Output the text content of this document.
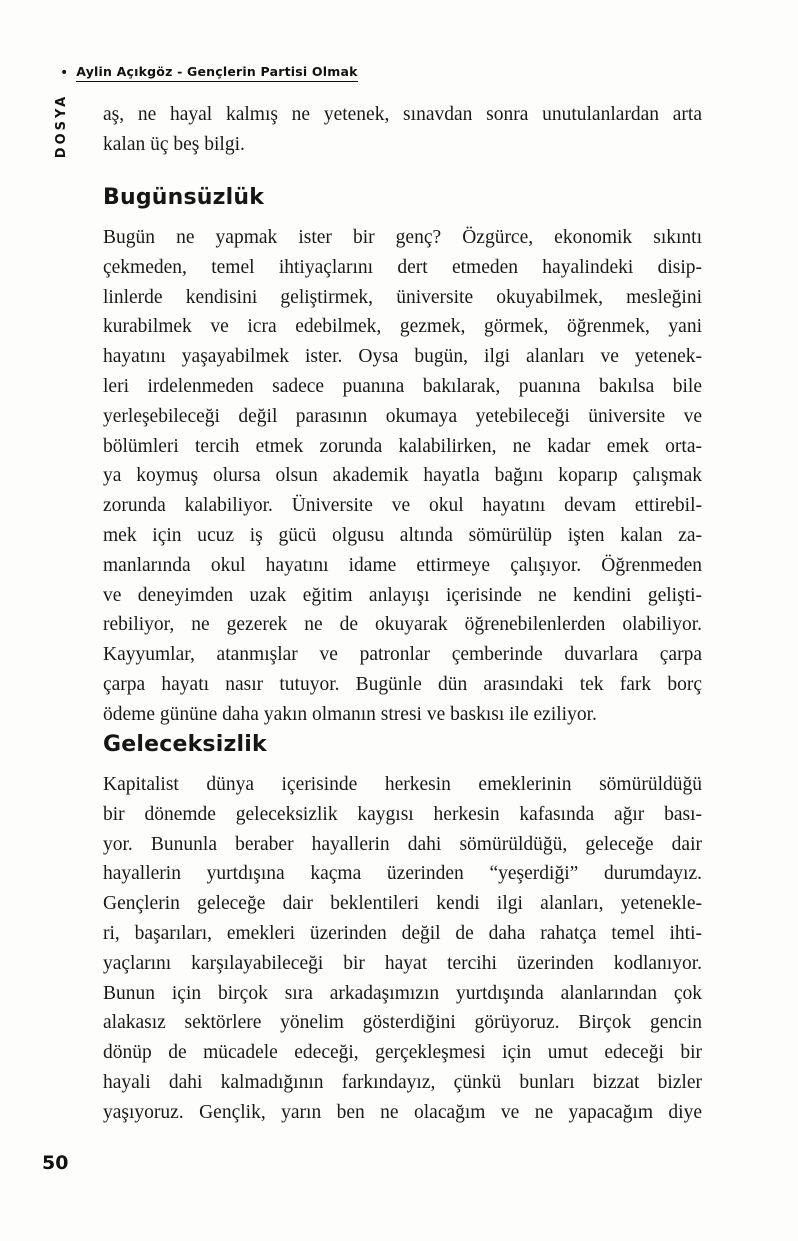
• Aylin Açıkgöz - Gençlerin Partisi Olmak
DOSYA aş, ne hayal kalmış ne yetenek, sınavdan sonra unutulanlardan arta
kalan üç beş bilgi.
Bugünsüzlük
Bugün ne yapmak ister bir genç? Özgürce, ekonomik sıkıntı
çekmeden, temel ihtiyaçlarını dert etmeden hayalindeki disip-
linlerde kendisini geliştirmek, üniversite okuyabilmek, mesleğini
kurabilmek ve icra edebilmek, gezmek, görmek, öğrenmek, yani
hayatını yaşayabilmek ister. Oysa bugün, ilgi alanları ve yetenek-
leri irdelenmeden sadece puanına bakılarak, puanına bakılsa bile
yerleşebileceği değil parasının okumaya yetebileceği üniversite ve
bölümleri tercih etmek zorunda kalabilirken, ne kadar emek orta-
ya koymuş olursa olsun akademik hayatla bağını koparıp çalışmak
zorunda kalabiliyor. Üniversite ve okul hayatını devam ettirebil-
mek için ucuz iş gücü olgusu altında sömürülüp işten kalan za-
manlarında okul hayatını idame ettirmeye çalışıyor. Öğrenmeden
ve deneyimden uzak eğitim anlayışı içerisinde ne kendini gelişti-
rebiliyor, ne gezerek ne de okuyarak öğrenebilenlerden olabiliyor.
Kayyumlar, atanmışlar ve patronlar çemberinde duvarlara çarpa
çarpa hayatı nasır tutuyor. Bugünle dün arasındaki tek fark borç
ödeme gününe daha yakın olmanın stresi ve baskısı ile eziliyor.
Geleceksizlik
Kapitalist dünya içerisinde herkesin emeklerinin sömürüldüğü
bir dönemde geleceksizlik kaygısı herkesin kafasında ağır bası-
yor. Bununla beraber hayallerin dahi sömürüldüğü, geleceğe dair
hayallerin yurtdışına kaçma üzerinden “yeşerdiği” durumdayız.
Gençlerin geleceğe dair beklentileri kendi ilgi alanları, yetenekle-
ri, başarıları, emekleri üzerinden değil de daha rahatça temel ihti-
yaçlarını karşılayabileceği bir hayat tercihi üzerinden kodlanıyor.
Bunun için birçok sıra arkadaşımızın yurtdışında alanlarından çok
alakasız sektörlere yönelim gösterdiğini görüyoruz. Birçok gencin
dönüp de mücadele edeceği, gerçekleşmesi için umut edeceği bir
hayali dahi kalmadığının farkındayız, çünkü bunları bizzat bizler
yaşıyoruz. Gençlik, yarın ben ne olacağım ve ne yapacağım diye
50
